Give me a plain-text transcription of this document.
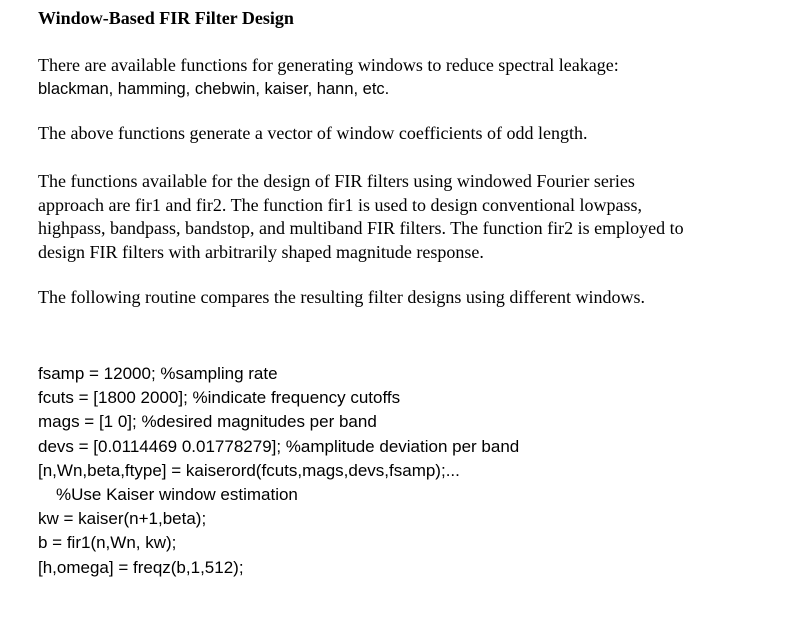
Window-Based FIR Filter Design

There are available functions for generating windows to reduce spectral leakage:
blackman, hamming, chebwin, kaiser, hann, etc.

The above functions generate a vector of window coefficients of odd length.

The functions available for the design of FIR filters using windowed Fourier series
approach are fir1 and fir2. The function fir1 is used to design conventional lowpass,
highpass, bandpass, bandstop, and multiband FIR filters. The function fir2 is employed to
design FIR filters with arbitrarily shaped magnitude response.

The following routine compares the resulting filter designs using different windows.

fsamp = 12000; %sampling rate
fcuts = [1800 2000]; %indicate frequency cutoffs
mags = [1 0]; %desired magnitudes per band
devs = [0.0114469 0.01778279]; %amplitude deviation per band
[n,Wn,beta,ftype] = kaiserord(fcuts,mags,devs,fsamp);...
%Use Kaiser window estimation
kw = kaiser(n+1,beta);
b = fir1(n,Wn, kw);
[h,omega] = freqz(b,1,512);
